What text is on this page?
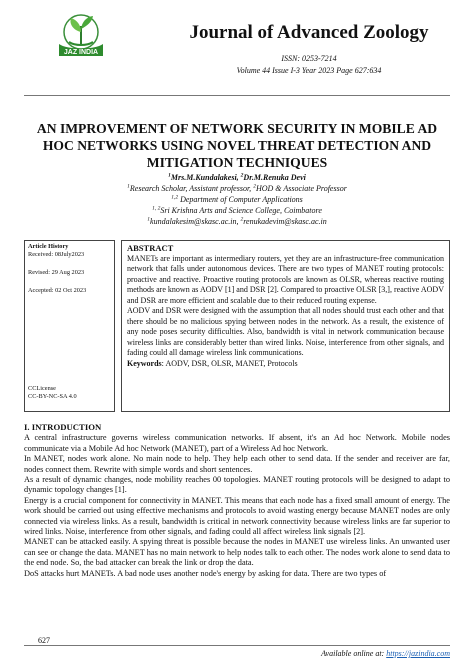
JAZ INDIA
Journal of Advanced Zoology
ISSN: 0253-7214
Volume 44 Issue I-3 Year 2023 Page 627:634
AN IMPROVEMENT OF NETWORK SECURITY IN MOBILE AD HOC NETWORKS USING NOVEL THREAT DETECTION AND MITIGATION TECHNIQUES
$^1$Mrs.M.Kundalakesi, $^2$Dr.M.Renuka Devi
$^1$Research Scholar, Assistant professor, $^2$HOD & Associate Professor
$^{1,2}$ Department of Computer Applications
$^{1, 2}$Sri Krishna Arts and Science College, Coimbatore
$^1$kundalakesim@skasc.ac.in, $^2$renukadevim@skasc.ac.in
Article History
Received: 08July2023
Revised: 29 Aug 2023
Accepted: 02 Oct 2023
CCLicense
CC-BY-NC-SA 4.0
ABSTRACT

MANETs are important as intermediary routers, yet they are an infrastructure-free communication network that falls under autonomous devices. There are two types of MANET routing protocols: proactive and reactive. Proactive routing protocols are known as OLSR, whereas reactive routing methods are known as AODV [1] and DSR [2]. Compared to proactive OLSR [3,], reactive AODV and DSR are more efficient and scalable due to their reduced routing expense.

AODV and DSR were designed with the assumption that all nodes should trust each other and that there should be no malicious spying between nodes in the network. As a result, the existence of any node poses security difficulties. Also, bandwidth is vital in network communication because wireless links are considerably better than wired links. Noise, interference from other signals, and fading could all damage wireless link communications.

Keywords: AODV, DSR, OLSR, MANET, Protocols

I. INTRODUCTION

A central infrastructure governs wireless communication networks. If absent, it's an Ad hoc Network. Mobile nodes communicate via a Mobile Ad hoc Network (MANET), part of a Wireless Ad hoc Network.

In MANET, nodes work alone. No main node to help. They help each other to send data. If the sender and receiver are far, nodes connect them. Rewrite with simple words and short sentences.

As a result of dynamic changes, node mobility reaches 00 topologies. MANET routing protocols will be designed to adapt to dynamic topology changes [1].

Energy is a crucial component for connectivity in MANET. This means that each node has a fixed small amount of energy. The work should be carried out using effective mechanisms and protocols to avoid wasting energy because MANET nodes are only connected via wireless links. As a result, bandwidth is critical in network connectivity because wireless links are far superior to wired links. Noise, interference from other signals, and fading could all affect wireless link signals [2].

MANET can be attacked easily. A spying threat is possible because the nodes in MANET use wireless links. An unwanted user can see or change the data. MANET has no main network to help nodes talk to each other. The nodes work alone to send data to the end node. So, the bad attacker can break the link or drop the data.

DoS attacks hurt MANETs. A bad node uses another node's energy by asking for data. There are two types of

627
Available online at: https://jazindia.com
